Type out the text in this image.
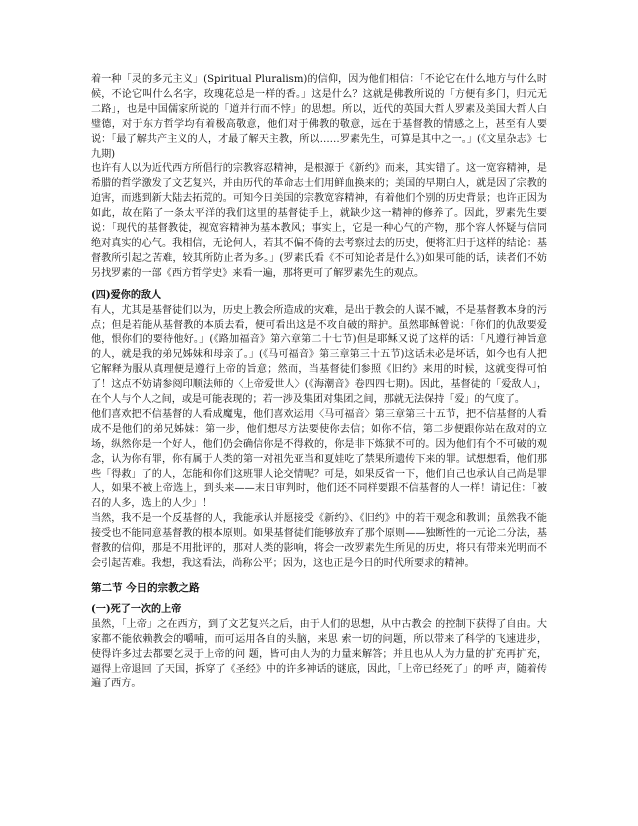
着一种「灵的多元主义」(Spiritual Pluralism)的信仰，因为他们相信：「不论它在什么地方与什么时候，不论它叫什么名字，玫瑰花总是一样的香。」这是什么？这就是佛教所说的「方便有多门，归元无二路」，也是中国儒家所说的「道并行而不悖」的思想。所以，近代的英国大哲人罗素及美国大哲人白璧德，对于东方哲学均有着极高敬意，他们对于佛教的敬意，远在于基督教的情感之上，甚至有人要说：「最了解共产主义的人，才最了解天主教，所以……罗素先生，可算是其中之一。」(《文星杂志》七九期)

也许有人以为近代西方所倡行的宗教容忍精神，是根源于《新约》而来，其实错了。这一宽容精神，是希腊的哲学激发了文艺复兴，并由历代的革命志士们用鲜血换来的；美国的早期白人，就是因了宗教的迫害，而逃到新大陆去拓荒的。可知今日美国的宗教宽容精神，有着他们个别的历史背景；也许正因为如此，故在陷了一条太平洋的我们这里的基督徒手上，就缺少这一精神的修养了。因此，罗素先生要说：「现代的基督教徒，视宽容精神为基本教风；事实上，它是一种心气的产物，那个容人怀疑与信同绝对真实的心气。我相信，无论何人，若其不偏不倚的去考察过去的历史，便将汇归于这样的结论：基督教所引起之苦难，较其所防止者为多。」(罗素氏看《不可知论者是什么》)如果可能的话，读者们不妨另找罗素的一部《西方哲学史》来看一遍，那将更可了解罗素先生的观点。

(四)爱你的敌人

有人，尤其是基督徒们以为，历史上教会所造成的灾难，是出于教会的人谋不臧，不是基督教本身的污点；但是若能从基督教的本质去看，便可看出这是不攻自破的辩护。虽然耶稣曾说：「你们的仇敌要爱他，恨你们的要待他好。」(《路加福音》第六章第二十七节)但是耶稣又说了这样的话：「凡遵行神旨意的人，就是我的弟兄姊妹和母亲了。」(《马可福音》第三章第三十五节)这话未必是坏话，如今也有人把它解释为服从真理便是遵行上帝的旨意；然而，当基督徒们参照《旧约》来用的时候，这就变得可怕了！这点不妨请参阅印顺法师的〈上帝爱世人〉(《海潮音》卷四四七期)。因此，基督徒的「爱敌人」，在个人与个人之间，或是可能表现的；若一涉及集团对集团之间，那就无法保持「爱」的气度了。

他们喜欢把不信基督的人看成魔鬼，他们喜欢运用〈马可福音〉第三章第三十五节，把不信基督的人看成不是他们的弟兄姊妹：第一步，他们想尽方法要使你去信；如你不信，第二步便跟你站在敌对的立场，纵然你是一个好人，他们仍会确信你是不得救的，你是非下炼狱不可的。因为他们有个不可破的观念，认为你有罪，你有属于人类的第一对祖先亚当和夏娃吃了禁果所遗传下来的罪。试想想看，他们那些「得救」了的人，怎能和你们这班罪人论交情呢？可是，如果反省一下，他们自己也承认自己尚是罪人，如果不被上帝选上，到头来——末日审判时，他们还不同样要跟不信基督的人一样！请记住：「被召的人多，选上的人少」！

当然，我不是一个反基督的人，我能承认并愿接受《新约》、《旧约》中的若干观念和教训；虽然我不能接受也不能同意基督教的根本原则。如果基督徒们能够放弃了那个原则——独断性的一元论二分法，基督教的信仰，那是不用批评的，那对人类的影响，将会一改罗素先生所见的历史，将只有带来光明而不会引起苦难。我想，我这看法，尚称公平；因为，这也正是今日的时代所要求的精神。

第二节 今日的宗教之路

(一)死了一次的上帝

虽然，「上帝」之在西方，到了文艺复兴之后，由于人们的思想，从中古教会 的控制下获得了自由。大家都不能依赖教会的嚼哺，而可运用各自的头脑，来思 索一切的问题，所以带来了科学的飞速进步，使得许多过去都要乞灵于上帝的问 题，皆可由人为的力量来解答；并且也从人为力量的扩充再扩充，逼得上帝退回 了天国，拆穿了《圣经》中的许多神话的谜底，因此，「上帝已经死了」的呼 声，随着传遍了西方。
